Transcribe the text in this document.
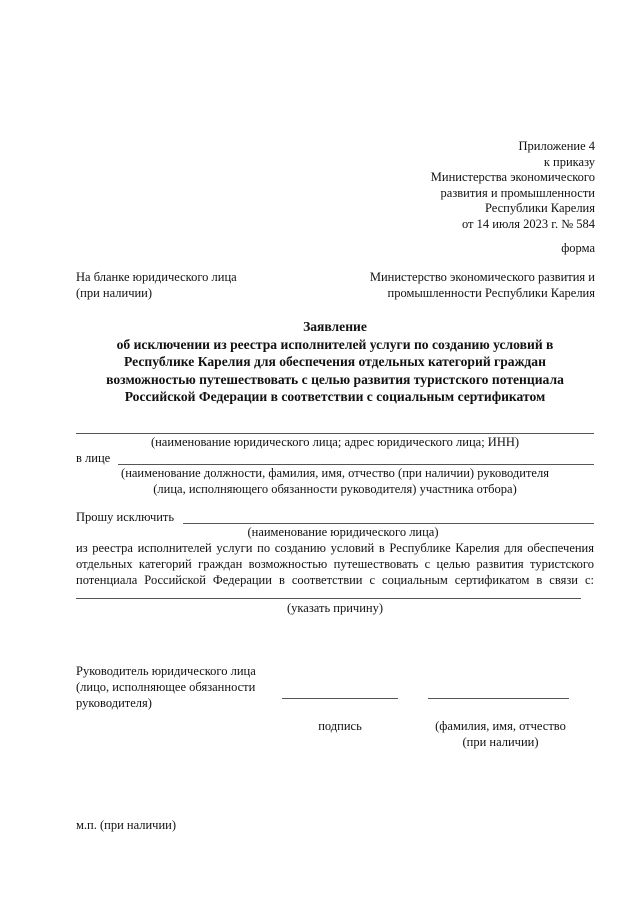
Приложение 4
к приказу
Министерства экономического
развития и промышленности
Республики Карелия
от 14 июля 2023 г. № 584
форма
На бланке юридического лица
(при наличии)
Министерство экономического развития и
промышленности Республики Карелия
Заявление
об исключении из реестра исполнителей услуги по созданию условий в
Республике Карелия для обеспечения отдельных категорий граждан
возможностью путешествовать с целью развития туристского потенциала
Российской Федерации в соответствии с социальным сертификатом
(наименование юридического лица; адрес юридического лица; ИНН)
в лице
(наименование должности, фамилия, имя, отчество (при наличии) руководителя
(лица, исполняющего обязанности руководителя) участника отбора)
Прошу исключить
(наименование юридического лица)
из реестра исполнителей услуги по созданию условий в Республике Карелия для обеспечения
отдельных категорий граждан возможностью путешествовать с целью развития туристского
потенциала Российской Федерации в соответствии с социальным сертификатом в связи с:
(указать причину)
Руководитель юридического лица
(лицо, исполняющее обязанности
руководителя)
подпись	(фамилия, имя, отчество
(при наличии)
м.п. (при наличии)
